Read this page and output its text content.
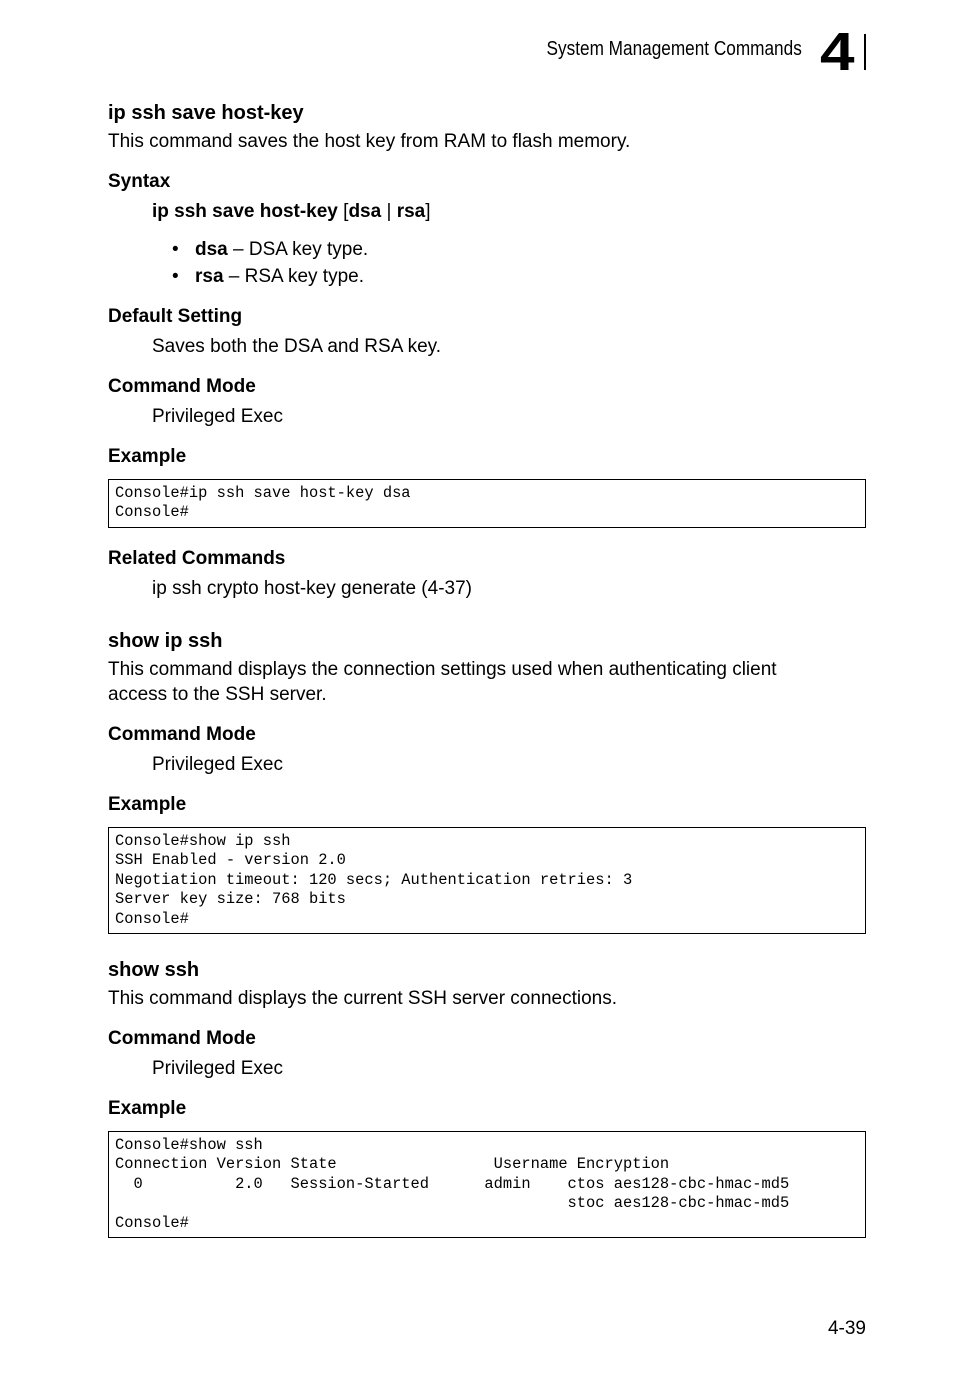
System Management Commands 4
ip ssh save host-key
This command saves the host key from RAM to flash memory.
Syntax
ip ssh save host-key [dsa | rsa]
• dsa – DSA key type.
• rsa – RSA key type.
Default Setting
Saves both the DSA and RSA key.
Command Mode
Privileged Exec
Example
Console#ip ssh save host-key dsa
Console#
Related Commands
ip ssh crypto host-key generate (4-37)
show ip ssh
This command displays the connection settings used when authenticating client
access to the SSH server.
Command Mode
Privileged Exec
Example
Console#show ip ssh
SSH Enabled - version 2.0
Negotiation timeout: 120 secs; Authentication retries: 3
Server key size: 768 bits
Console#
show ssh
This command displays the current SSH server connections.
Command Mode
Privileged Exec
Example
Console#show ssh
Connection Version State                 Username Encryption
0          2.0   Session-Started      admin    ctos aes128-cbc-hmac-md5
stoc aes128-cbc-hmac-md5
Console#
4-39
